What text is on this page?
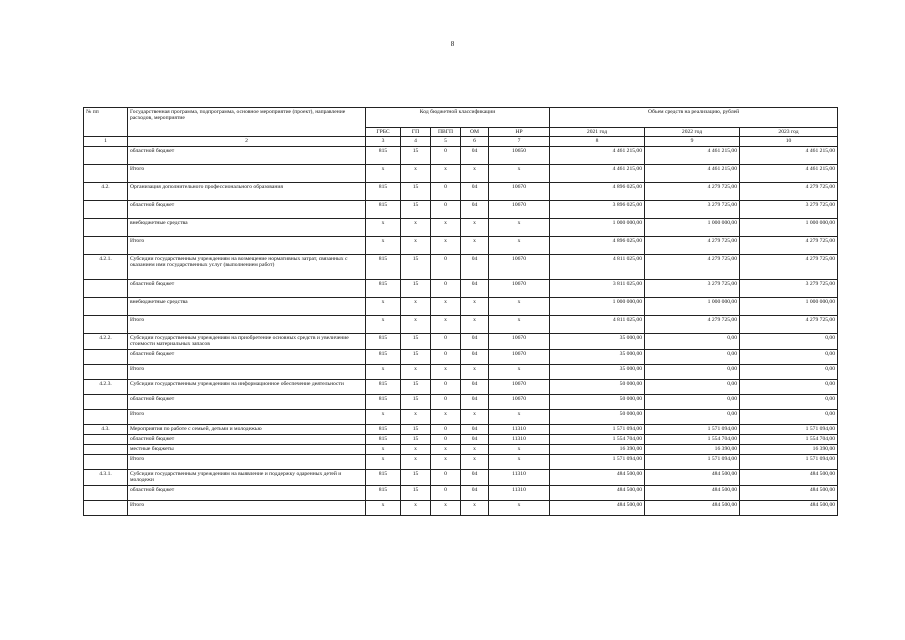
8
№ пп	Государственная программа, подпрограмма, основное мероприятие (проект), направление расходов, мероприятие	Код бюджетной классификации					Объем средств на реализацию, рублей		
		ГРБС	ГП	ПВГП	ОМ	НР	2021 год	2022 год	2023 год
1	2	3	4	5	6	7	8	9	10
	областной бюджет	815	15	0	04	10650	4 461 215,00	4 461 215,00	4 461 215,00
	Итого	х	х	х	х	х	4 461 215,00	4 461 215,00	4 461 215,00
4.2.	Организация дополнительного профессионального образования	815	15	0	04	10670	4 896 025,00	4 279 725,00	4 279 725,00
	областной бюджет	815	15	0	04	10670	3 896 025,00	3 279 725,00	3 279 725,00
	внебюджетные средства	х	х	х	х	х	1 000 000,00	1 000 000,00	1 000 000,00
	Итого	х	х	х	х	х	4 896 025,00	4 279 725,00	4 279 725,00
4.2.1.	Субсидии государственным учреждениям на возмещение нормативных затрат, связанных с оказанием ими государственных услуг (выполнением работ)	815	15	0	04	10670	4 811 025,00	4 279 725,00	4 279 725,00
	областной бюджет	815	15	0	04	10670	3 811 025,00	3 279 725,00	3 279 725,00
	внебюджетные средства	х	х	х	х	х	1 000 000,00	1 000 000,00	1 000 000,00
	Итого	х	х	х	х	х	4 811 025,00	4 279 725,00	4 279 725,00
4.2.2.	Субсидии государственным учреждениям на приобретение основных средств и увеличение стоимости материальных запасов	815	15	0	04	10670	35 000,00	0,00	0,00
	областной бюджет	815	15	0	04	10670	35 000,00	0,00	0,00
	Итого	х	х	х	х	х	35 000,00	0,00	0,00
4.2.3.	Субсидии государственным учреждениям на информационное обеспечение деятельности	815	15	0	04	10670	50 000,00	0,00	0,00
	областной бюджет	815	15	0	04	10670	50 000,00	0,00	0,00
	Итого	х	х	х	х	х	50 000,00	0,00	0,00
4.3.	Мероприятия по работе с семьей, детьми и молодежью	815	15	0	04	11310	1 571 094,00	1 571 094,00	1 571 094,00
	областной бюджет	815	15	0	04	11310	1 554 704,00	1 554 704,00	1 554 704,00
	местные бюджеты	х	х	х	х	х	16 390,00	16 390,00	16 390,00
	Итого	х	х	х	х	х	1 571 094,00	1 571 094,00	1 571 094,00
4.3.1.	Субсидии государственным учреждениям на выявление и поддержку одаренных детей и молодежи	815	15	0	04	11310	484 500,00	484 500,00	484 500,00
	областной бюджет	815	15	0	04	11310	484 500,00	484 500,00	484 500,00
	Итого	х	х	х	х	х	484 500,00	484 500,00	484 500,00
